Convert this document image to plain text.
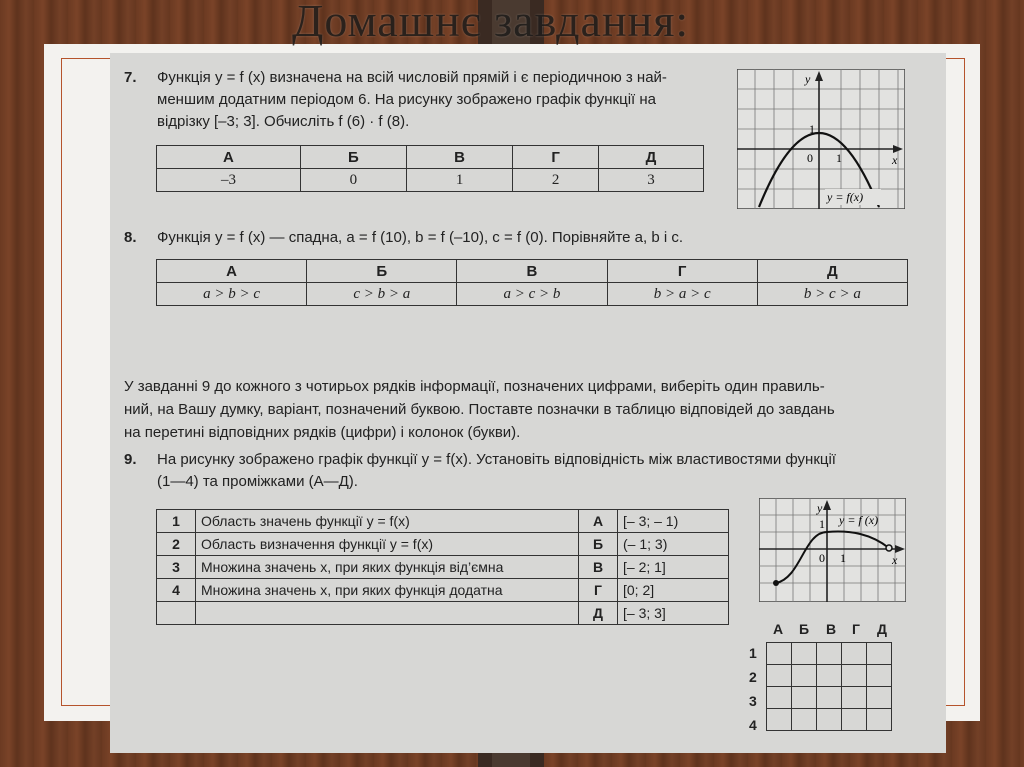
Домашнє завдання:
7. Функція y = f (x) визначена на всій числовій прямій і є періодичною з най-
меншим додатним періодом 6. На рисунку зображено графік функції на
відрізку [–3; 3]. Обчисліть f (6) · f (8).
А	Б	В	Г	Д
–3	0	1	2	3
y
x
0 1
1
y = f(x)
8. Функція y = f (x) — спадна, a = f (10), b = f (–10), c = f (0). Порівняйте a, b і c.
А	Б	В	Г	Д
a > b > c	c > b > a	a > c > b	b > a > c	b > c > a
У завданні 9 до кожного з чотирьох рядків інформації, позначених цифрами, виберіть один правиль-
ний, на Вашу думку, варіант, позначений буквою. Поставте позначки в таблицю відповідей до завдань
на перетині відповідних рядків (цифри) і колонок (букви).
9. На рисунку зображено графік функції y = f(x). Установіть відповідність між властивостями функції
(1—4) та проміжками (А—Д).
1	Область значень функції y = f(x)	А	[– 3; – 1)
2	Область визначення функції y = f(x)	Б	(– 1; 3)
3	Множина значень x, при яких функція від’ємна	В	[– 2; 1]
4	Множина значень x, при яких функція додатна	Г	[0; 2]
		Д	[– 3; 3]
y
x
0 1
1 y = f (x)
А Б В Г Д
1
2
3
4
